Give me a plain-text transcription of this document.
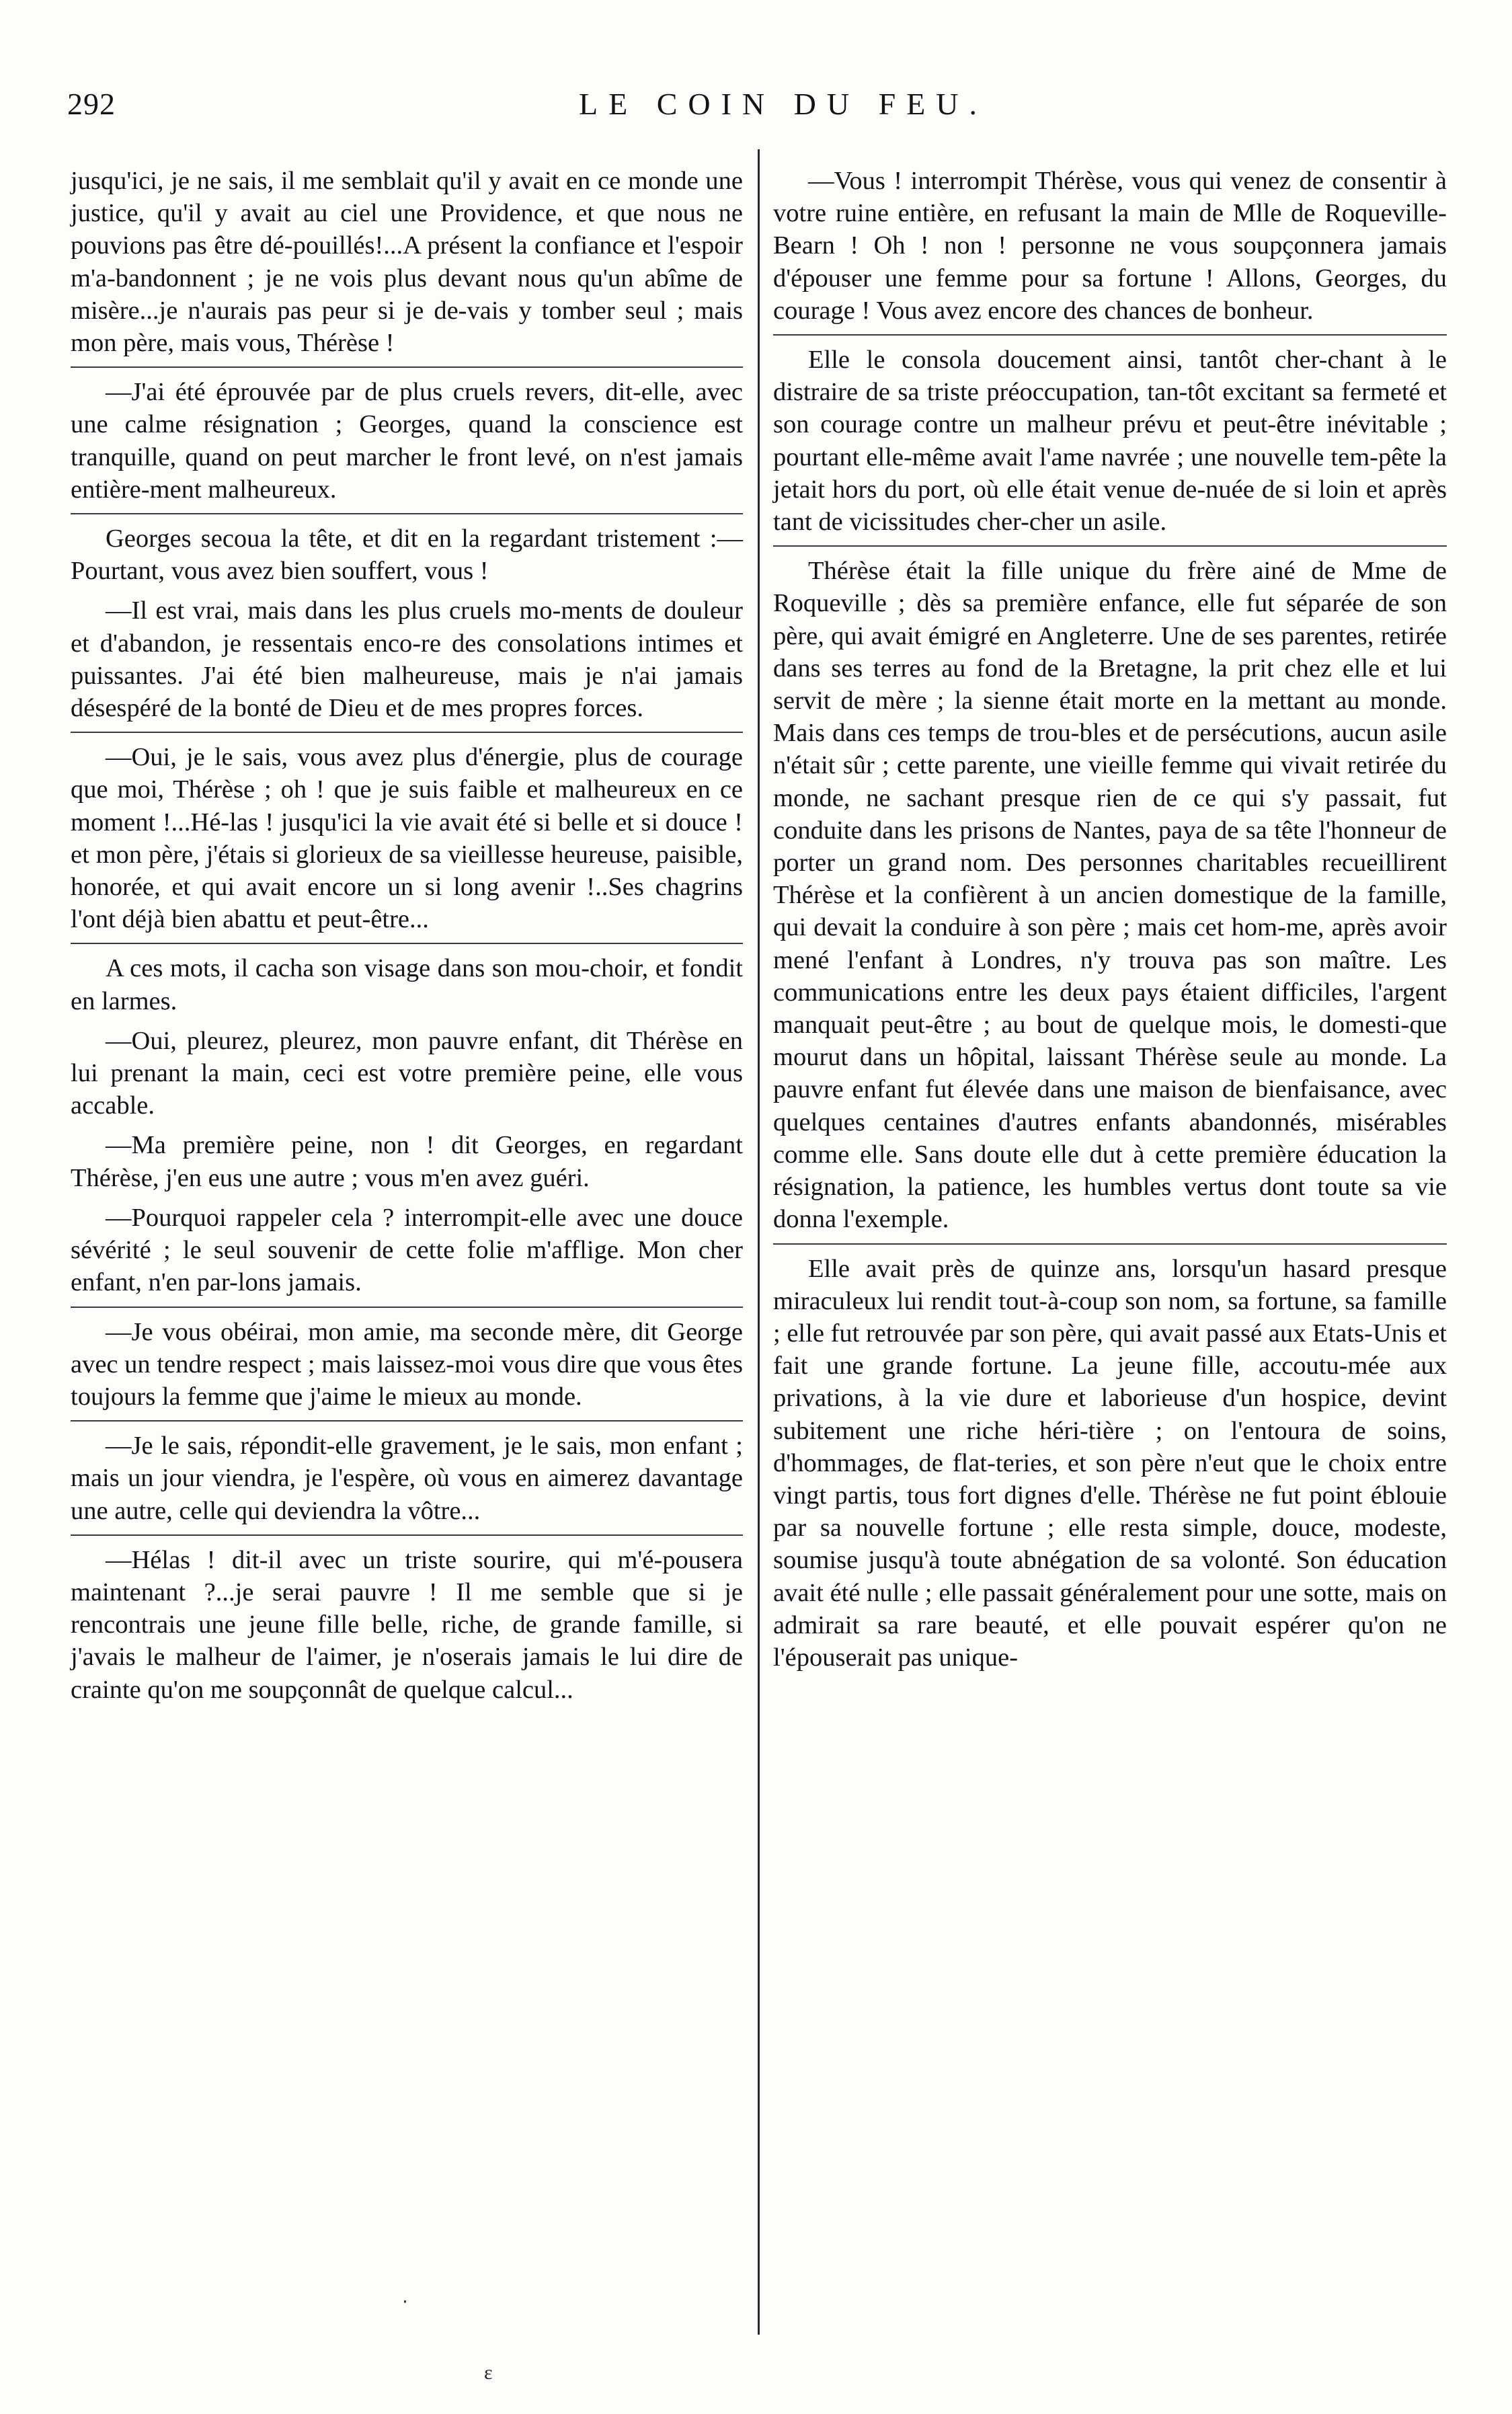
292	LE COIN DU FEU.

jusqu'ici, je ne sais, il me semblait qu'il y avait en ce monde une justice, qu'il y avait au ciel une Providence, et que nous ne pouvions pas être dé-pouillés!...A présent la confiance et l'espoir m'a-bandonnent ; je ne vois plus devant nous qu'un abîme de misère...je n'aurais pas peur si je de-vais y tomber seul ; mais mon père, mais vous, Thérèse !

—J'ai été éprouvée par de plus cruels revers, dit-elle, avec une calme résignation ; Georges, quand la conscience est tranquille, quand on peut marcher le front levé, on n'est jamais entière-ment malheureux.

Georges secoua la tête, et dit en la regardant tristement :—Pourtant, vous avez bien souffert, vous !

—Il est vrai, mais dans les plus cruels mo-ments de douleur et d'abandon, je ressentais enco-re des consolations intimes et puissantes. J'ai été bien malheureuse, mais je n'ai jamais désespéré de la bonté de Dieu et de mes propres forces.

—Oui, je le sais, vous avez plus d'énergie, plus de courage que moi, Thérèse ; oh ! que je suis faible et malheureux en ce moment !...Hé-las ! jusqu'ici la vie avait été si belle et si douce ! et mon père, j'étais si glorieux de sa vieillesse heureuse, paisible, honorée, et qui avait encore un si long avenir !..Ses chagrins l'ont déjà bien abattu et peut-être...

A ces mots, il cacha son visage dans son mou-choir, et fondit en larmes.

—Oui, pleurez, pleurez, mon pauvre enfant, dit Thérèse en lui prenant la main, ceci est votre première peine, elle vous accable.

—Ma première peine, non ! dit Georges, en regardant Thérèse, j'en eus une autre ; vous m'en avez guéri.

—Pourquoi rappeler cela ? interrompit-elle avec une douce sévérité ; le seul souvenir de cette folie m'afflige. Mon cher enfant, n'en par-lons jamais.

—Je vous obéirai, mon amie, ma seconde mère, dit George avec un tendre respect ; mais laissez-moi vous dire que vous êtes toujours la femme que j'aime le mieux au monde.

—Je le sais, répondit-elle gravement, je le sais, mon enfant ; mais un jour viendra, je l'espère, où vous en aimerez davantage une autre, celle qui deviendra la vôtre...

—Hélas ! dit-il avec un triste sourire, qui m'é-pousera maintenant ?...je serai pauvre ! Il me semble que si je rencontrais une jeune fille belle, riche, de grande famille, si j'avais le malheur de l'aimer, je n'oserais jamais le lui dire de crainte qu'on me soupçonnât de quelque calcul...

—Vous ! interrompit Thérèse, vous qui venez de consentir à votre ruine entière, en refusant la main de Mlle de Roqueville-Bearn ! Oh ! non ! personne ne vous soupçonnera jamais d'épouser une femme pour sa fortune ! Allons, Georges, du courage ! Vous avez encore des chances de bonheur.

Elle le consola doucement ainsi, tantôt cher-chant à le distraire de sa triste préoccupation, tan-tôt excitant sa fermeté et son courage contre un malheur prévu et peut-être inévitable ; pourtant elle-même avait l'ame navrée ; une nouvelle tem-pête la jetait hors du port, où elle était venue de-nuée de si loin et après tant de vicissitudes cher-cher un asile.

Thérèse était la fille unique du frère ainé de Mme de Roqueville ; dès sa première enfance, elle fut séparée de son père, qui avait émigré en Angleterre. Une de ses parentes, retirée dans ses terres au fond de la Bretagne, la prit chez elle et lui servit de mère ; la sienne était morte en la mettant au monde. Mais dans ces temps de trou-bles et de persécutions, aucun asile n'était sûr ; cette parente, une vieille femme qui vivait retirée du monde, ne sachant presque rien de ce qui s'y passait, fut conduite dans les prisons de Nantes, paya de sa tête l'honneur de porter un grand nom. Des personnes charitables recueillirent Thérèse et la confièrent à un ancien domestique de la famille, qui devait la conduire à son père ; mais cet hom-me, après avoir mené l'enfant à Londres, n'y trouva pas son maître. Les communications entre les deux pays étaient difficiles, l'argent manquait peut-être ; au bout de quelque mois, le domesti-que mourut dans un hôpital, laissant Thérèse seule au monde. La pauvre enfant fut élevée dans une maison de bienfaisance, avec quelques centaines d'autres enfants abandonnés, misérables comme elle. Sans doute elle dut à cette première éducation la résignation, la patience, les humbles vertus dont toute sa vie donna l'exemple.

Elle avait près de quinze ans, lorsqu'un hasard presque miraculeux lui rendit tout-à-coup son nom, sa fortune, sa famille ; elle fut retrouvée par son père, qui avait passé aux Etats-Unis et fait une grande fortune. La jeune fille, accoutu-mée aux privations, à la vie dure et laborieuse d'un hospice, devint subitement une riche héri-tière ; on l'entoura de soins, d'hommages, de flat-teries, et son père n'eut que le choix entre vingt partis, tous fort dignes d'elle. Thérèse ne fut point éblouie par sa nouvelle fortune ; elle resta simple, douce, modeste, soumise jusqu'à toute abnégation de sa volonté. Son éducation avait été nulle ; elle passait généralement pour une sotte, mais on admirait sa rare beauté, et elle pouvait espérer qu'on ne l'épouserait pas unique-

‧
ɛ
